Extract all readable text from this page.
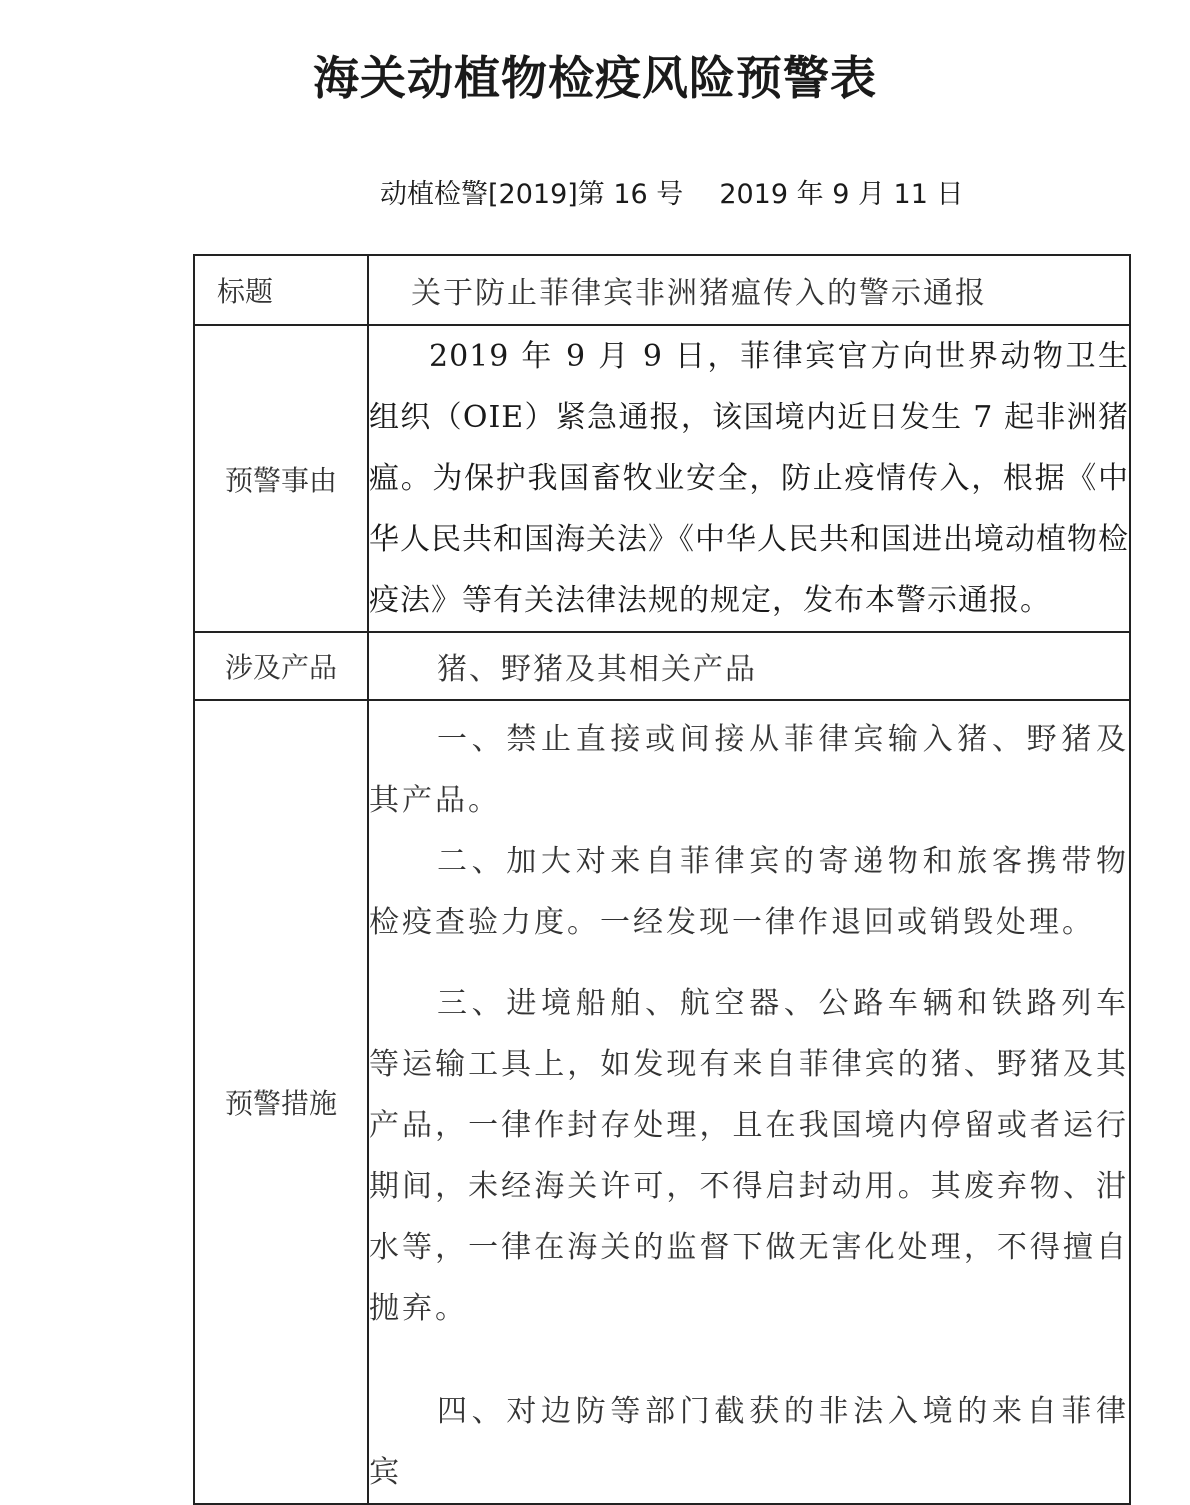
海关动植物检疫风险预警表
动植检警[2019]第 16 号 2019 年 9 月 11 日
标题	关于防止菲律宾非洲猪瘟传入的警示通报

预警事由	2019 年 9 月 9 日，菲律宾官方向世界动物卫生组织（OIE）紧急通报，该国境内近日发生 7 起非洲猪瘟。为保护我国畜牧业安全，防止疫情传入，根据《中华人民共和国海关法》《中华人民共和国进出境动植物检疫法》等有关法律法规的规定，发布本警示通报。

涉及产品	猪、野猪及其相关产品

预警措施	一、禁止直接或间接从菲律宾输入猪、野猪及其产品。

二、加大对来自菲律宾的寄递物和旅客携带物检疫查验力度。一经发现一律作退回或销毁处理。

三、进境船舶、航空器、公路车辆和铁路列车等运输工具上，如发现有来自菲律宾的猪、野猪及其产品，一律作封存处理，且在我国境内停留或者运行期间，未经海关许可，不得启封动用。其废弃物、泔水等，一律在海关的监督下做无害化处理，不得擅自抛弃。

四、对边防等部门截获的非法入境的来自菲律宾
